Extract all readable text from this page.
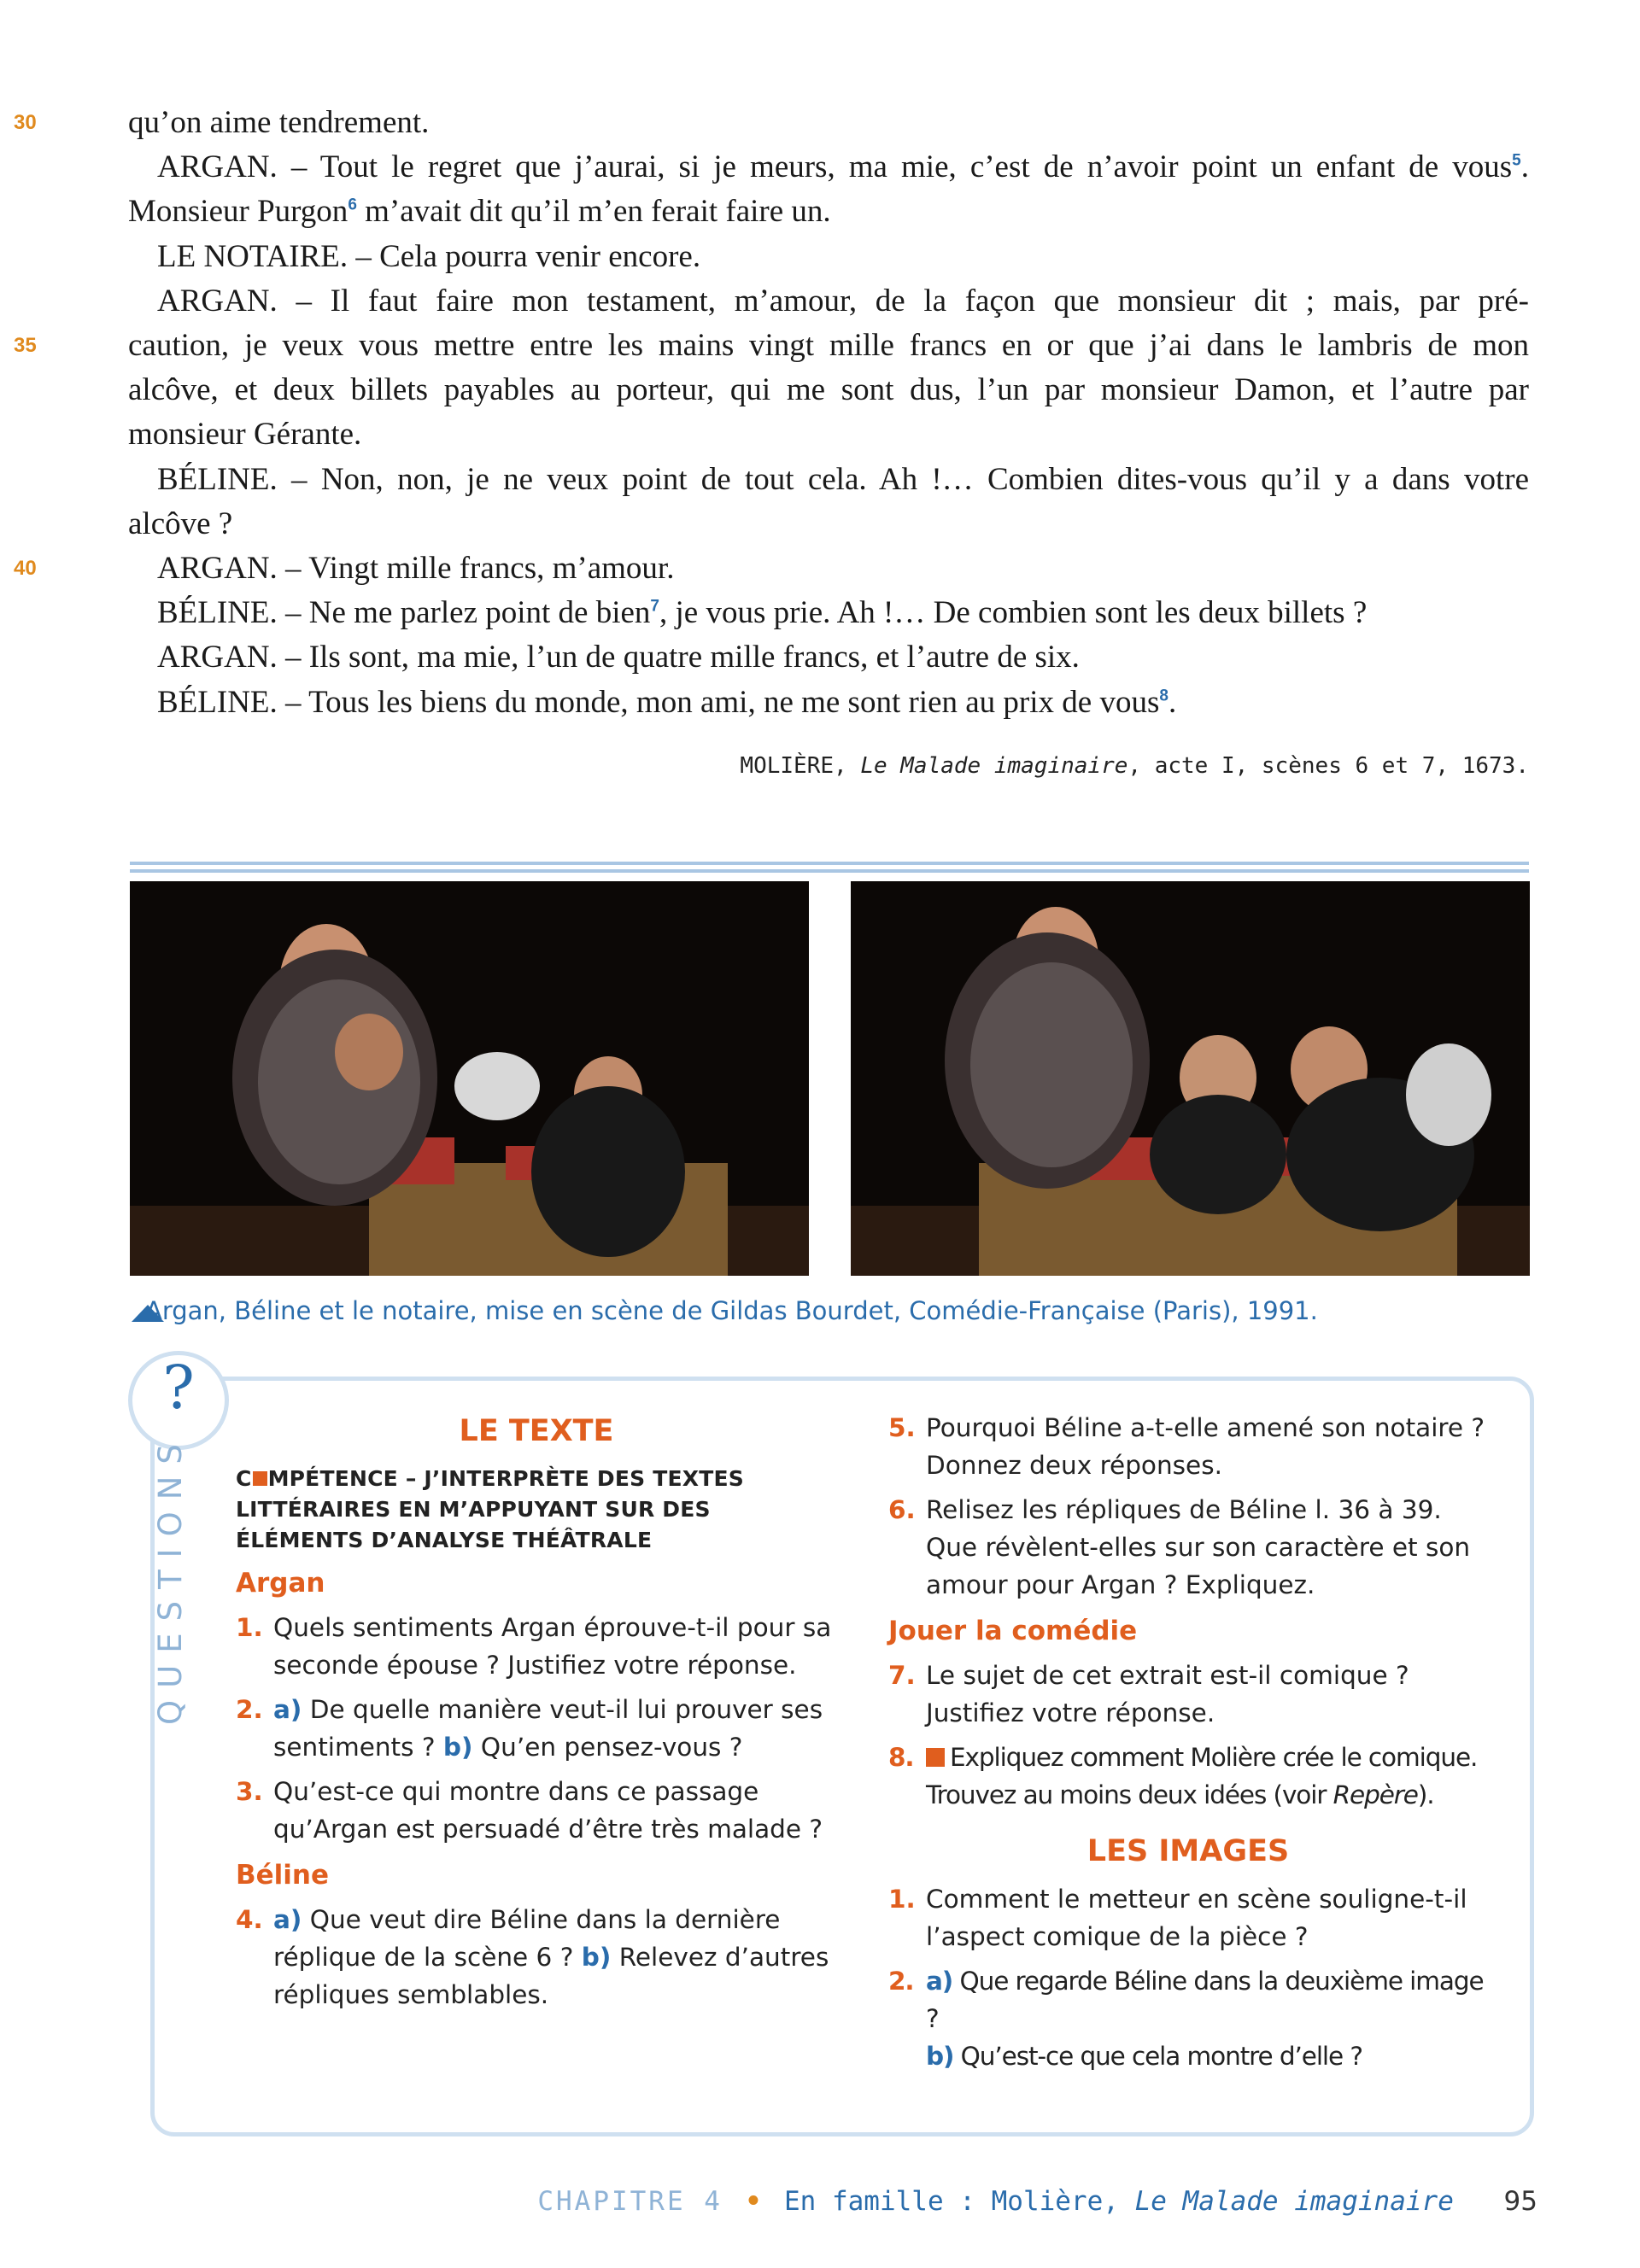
30	qu’on aime tendrement.
ARGAN. – Tout le regret que j’aurai, si je meurs, ma mie, c’est de n’avoir point un enfant de vous$^5$.
Monsieur Purgon$^6$ m’avait dit qu’il m’en ferait faire un.
LE NOTAIRE. – Cela pourra venir encore.
ARGAN. – Il faut faire mon testament, m’amour, de la façon que monsieur dit ; mais, par pré-
35	caution, je veux vous mettre entre les mains vingt mille francs en or que j’ai dans le lambris de mon
alcôve, et deux billets payables au porteur, qui me sont dus, l’un par monsieur Damon, et l’autre par
monsieur Gérante.
BÉLINE. – Non, non, je ne veux point de tout cela. Ah !… Combien dites-vous qu’il y a dans votre
alcôve ?
40	ARGAN. – Vingt mille francs, m’amour.
BÉLINE. – Ne me parlez point de bien$^7$, je vous prie. Ah !… De combien sont les deux billets ?
ARGAN. – Ils sont, ma mie, l’un de quatre mille francs, et l’autre de six.
BÉLINE. – Tous les biens du monde, mon ami, ne me sont rien au prix de vous$^8$.
MOLIÈRE, Le Malade imaginaire, acte I, scènes 6 et 7, 1673.
Argan, Béline et le notaire, mise en scène de Gildas Bourdet, Comédie-Française (Paris), 1991.
?
QUESTIONS
LE TEXTE
C MPÉTENCE – J’INTERPRÈTE DES TEXTES LITTÉRAIRES EN M’APPUYANT SUR DES ÉLÉMENTS D’ANALYSE THÉÂTRALE
Argan
1. Quels sentiments Argan éprouve-t-il pour sa seconde épouse ? Justifiez votre réponse.
2. a) De quelle manière veut-il lui prouver ses sentiments ? b) Qu’en pensez-vous ?
3. Qu’est-ce qui montre dans ce passage qu’Argan est persuadé d’être très malade ?
Béline
4. a) Que veut dire Béline dans la dernière réplique de la scène 6 ? b) Relevez d’autres répliques semblables.
5. Pourquoi Béline a-t-elle amené son notaire ? Donnez deux réponses.
6. Relisez les répliques de Béline l. 36 à 39. Que révèlent-elles sur son caractère et son amour pour Argan ? Expliquez.
Jouer la comédie
7. Le sujet de cet extrait est-il comique ? Justifiez votre réponse.
8. Expliquez comment Molière crée le comique. Trouvez au moins deux idées (voir Repère).
LES IMAGES
1. Comment le metteur en scène souligne-t-il l’aspect comique de la pièce ?
2. a) Que regarde Béline dans la deuxième image ?
b) Qu’est-ce que cela montre d’elle ?
CHAPITRE 4 • En famille : Molière, Le Malade imaginaire 95
